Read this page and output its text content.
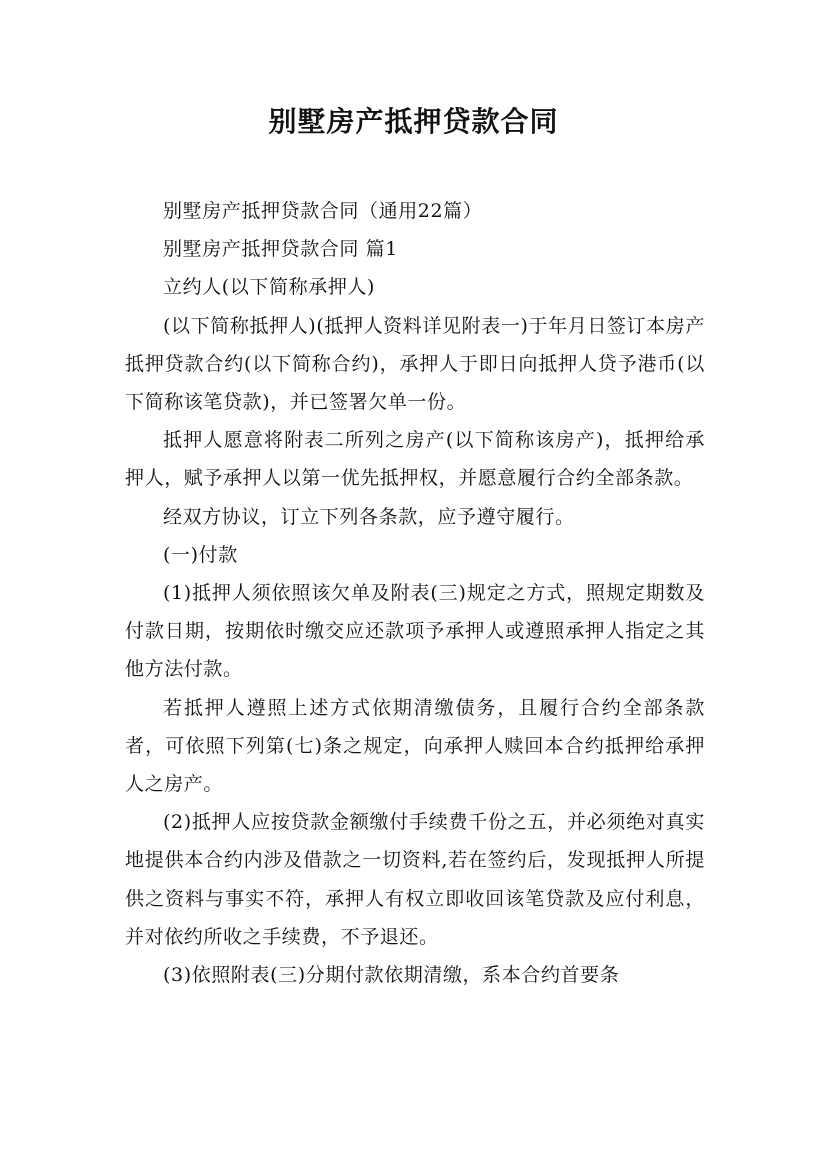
别墅房产抵押贷款合同

别墅房产抵押贷款合同（通用22篇）

别墅房产抵押贷款合同 篇1

立约人(以下简称承押人)

(以下简称抵押人)(抵押人资料详见附表一)于年月日签订本房产抵押贷款合约(以下简称合约)，承押人于即日向抵押人贷予港币(以下简称该笔贷款)，并已签署欠单一份。

抵押人愿意将附表二所列之房产(以下简称该房产)，抵押给承押人，赋予承押人以第一优先抵押权，并愿意履行合约全部条款。

经双方协议，订立下列各条款，应予遵守履行。

(一)付款

(1)抵押人须依照该欠单及附表(三)规定之方式，照规定期数及付款日期，按期依时缴交应还款项予承押人或遵照承押人指定之其他方法付款。

若抵押人遵照上述方式依期清缴债务，且履行合约全部条款者，可依照下列第(七)条之规定，向承押人赎回本合约抵押给承押人之房产。

(2)抵押人应按贷款金额缴付手续费千份之五，并必须绝对真实地提供本合约内涉及借款之一切资料,若在签约后，发现抵押人所提供之资料与事实不符，承押人有权立即收回该笔贷款及应付利息，并对依约所收之手续费，不予退还。

(3)依照附表(三)分期付款依期清缴，系本合约首要条
